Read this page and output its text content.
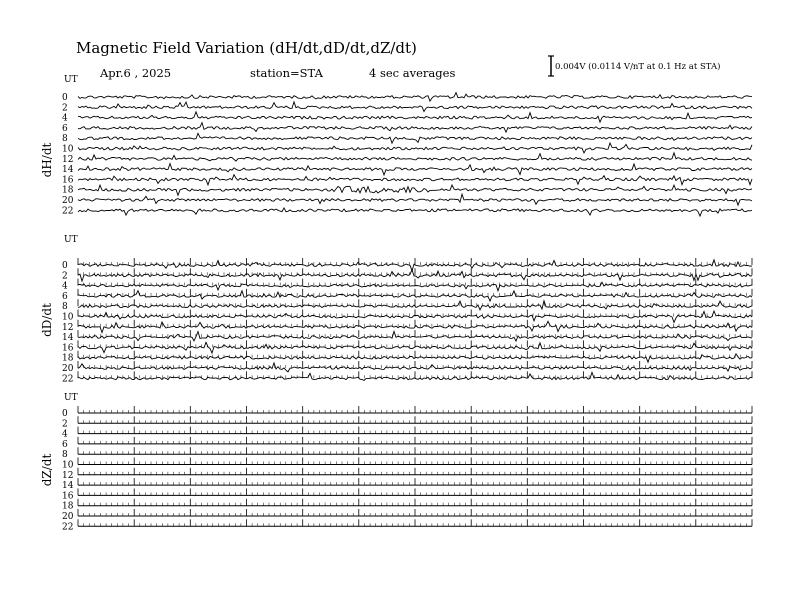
Magnetic Field Variation (dH/dt,dD/dt,dZ/dt)
Apr.6 , 2025	station=STA	4 sec averages	0.004V (0.0114 V/nT at 0.1 Hz at STA)
UT
dH/dt
0
2
4
6
8
10
12
14
16
18
20
22
UT
dD/dt
0
2
4
6
8
10
12
14
16
18
20
22
UT
dZ/dt
0
2
4
6
8
10
12
14
16
18
20
22
